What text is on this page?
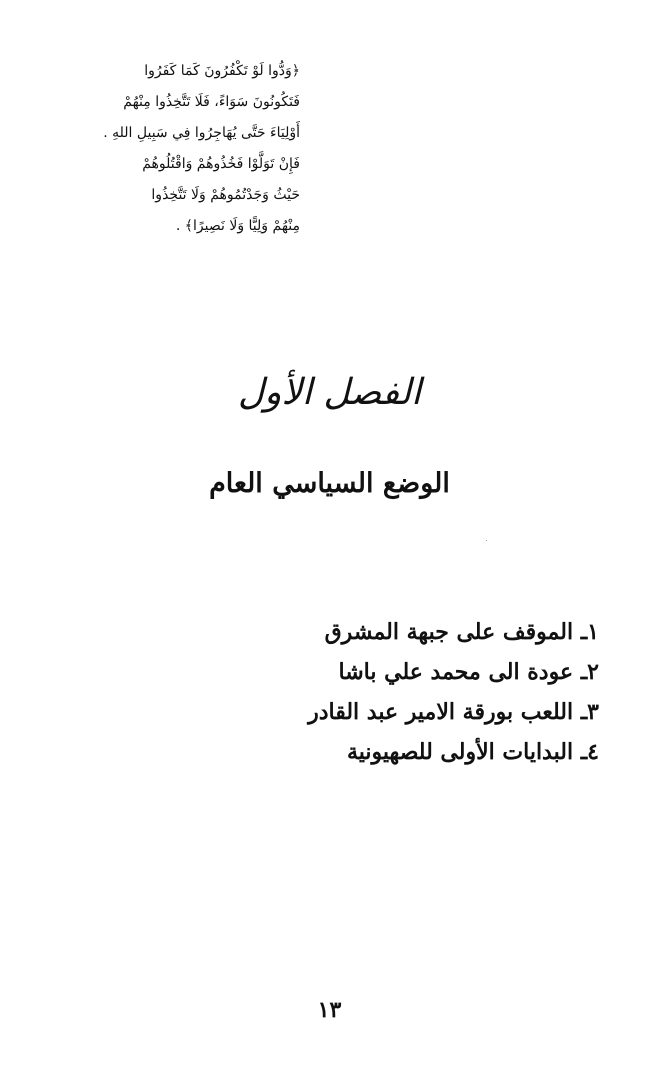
﴿وَدُّوا لَوْ تَكْفُرُونَ كَمَا كَفَرُوا
فَتَكُونُونَ سَوَاءً، فَلَا تَتَّخِذُوا مِنْهُمْ
أَوْلِيَاءَ حَتَّى يُهَاجِرُوا فِي سَبِيلِ اللهِ .
فَإِنْ تَوَلَّوْا فَخُذُوهُمْ وَاقْتُلُوهُمْ
حَيْثُ وَجَدْتُمُوهُمْ وَلَا تَتَّخِذُوا
مِنْهُمْ وَلِيًّا وَلَا نَصِيرًا﴾ .
الفصل الأول
الوضع السياسي العام
١ـ الموقف على جبهة المشرق
٢ـ عودة الى محمد علي باشا
٣ـ اللعب بورقة الامير عبد القادر
٤ـ البدايات الأولى للصهيونية
١٣
